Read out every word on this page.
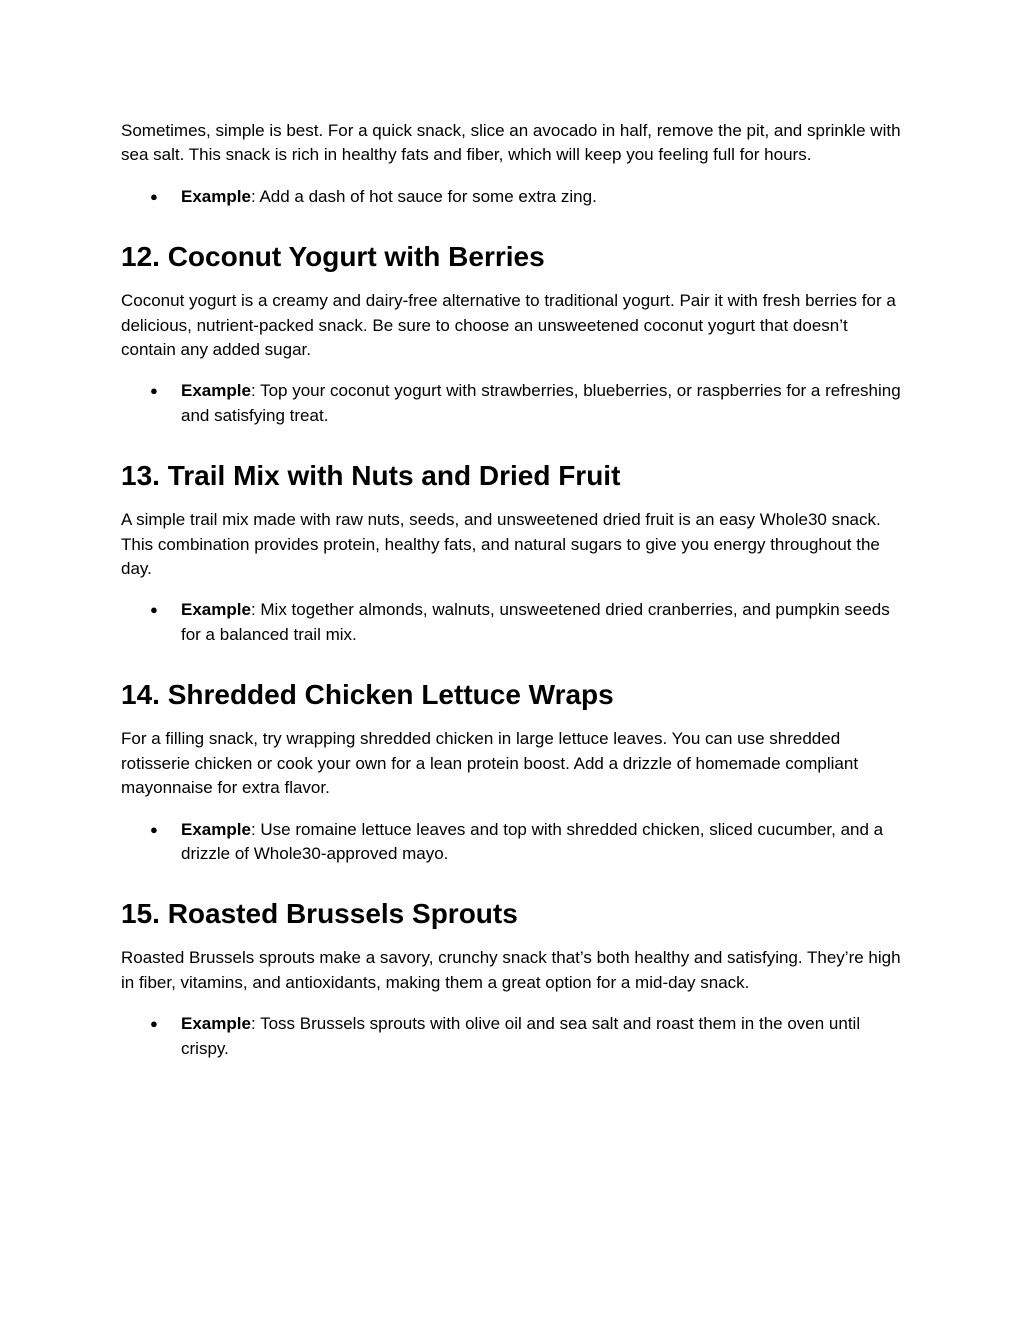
Sometimes, simple is best. For a quick snack, slice an avocado in half, remove the pit, and sprinkle with sea salt. This snack is rich in healthy fats and fiber, which will keep you feeling full for hours.

● Example: Add a dash of hot sauce for some extra zing.
12. Coconut Yogurt with Berries

Coconut yogurt is a creamy and dairy-free alternative to traditional yogurt. Pair it with fresh berries for a delicious, nutrient-packed snack. Be sure to choose an unsweetened coconut yogurt that doesn’t contain any added sugar.

● Example: Top your coconut yogurt with strawberries, blueberries, or raspberries for a refreshing and satisfying treat.
13. Trail Mix with Nuts and Dried Fruit

A simple trail mix made with raw nuts, seeds, and unsweetened dried fruit is an easy Whole30 snack. This combination provides protein, healthy fats, and natural sugars to give you energy throughout the day.

● Example: Mix together almonds, walnuts, unsweetened dried cranberries, and pumpkin seeds for a balanced trail mix.
14. Shredded Chicken Lettuce Wraps

For a filling snack, try wrapping shredded chicken in large lettuce leaves. You can use shredded rotisserie chicken or cook your own for a lean protein boost. Add a drizzle of homemade compliant mayonnaise for extra flavor.

● Example: Use romaine lettuce leaves and top with shredded chicken, sliced cucumber, and a drizzle of Whole30-approved mayo.
15. Roasted Brussels Sprouts

Roasted Brussels sprouts make a savory, crunchy snack that’s both healthy and satisfying. They’re high in fiber, vitamins, and antioxidants, making them a great option for a mid-day snack.

● Example: Toss Brussels sprouts with olive oil and sea salt and roast them in the oven until crispy.
